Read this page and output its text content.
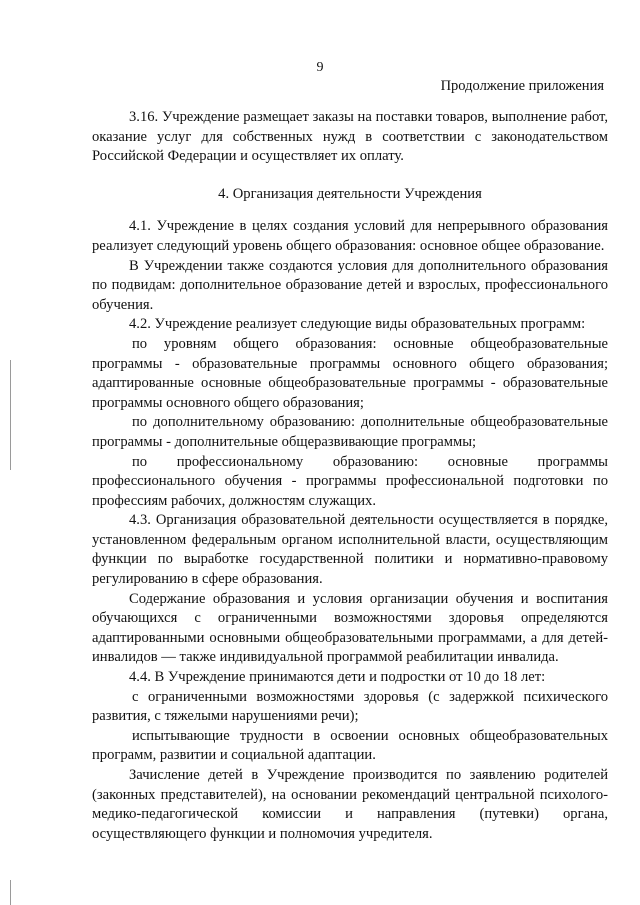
9
Продолжение приложения

3.16. Учреждение размещает заказы на поставки товаров, выполнение работ, оказание услуг для собственных нужд в соответствии с законодательством Российской Федерации и осуществляет их оплату.

4. Организация деятельности Учреждения

4.1. Учреждение в целях создания условий для непрерывного образования реализует следующий уровень общего образования: основное общее образование.

В Учреждении также создаются условия для дополнительного образования по подвидам: дополнительное образование детей и взрослых, профессионального обучения.

4.2. Учреждение реализует следующие виды образовательных программ:

по уровням общего образования: основные общеобразовательные программы - образовательные программы основного общего образования; адаптированные основные общеобразовательные программы - образовательные программы основного общего образования;

по дополнительному образованию: дополнительные общеобразовательные программы - дополнительные общеразвивающие программы;

по профессиональному образованию: основные программы профессионального обучения - программы профессиональной подготовки по профессиям рабочих, должностям служащих.

4.3. Организация образовательной деятельности осуществляется в порядке, установленном федеральным органом исполнительной власти, осуществляющим функции по выработке государственной политики и нормативно-правовому регулированию в сфере образования.

Содержание образования и условия организации обучения и воспитания обучающихся с ограниченными возможностями здоровья определяются адаптированными основными общеобразовательными программами, а для детей-инвалидов — также индивидуальной программой реабилитации инвалида.

4.4. В Учреждение принимаются дети и подростки от 10 до 18 лет:

с ограниченными возможностями здоровья (с задержкой психического развития, с тяжелыми нарушениями речи);

испытывающие трудности в освоении основных общеобразовательных программ, развитии и социальной адаптации.

Зачисление детей в Учреждение производится по заявлению родителей (законных представителей), на основании рекомендаций центральной психолого-медико-педагогической комиссии и направления (путевки) органа, осуществляющего функции и полномочия учредителя.
